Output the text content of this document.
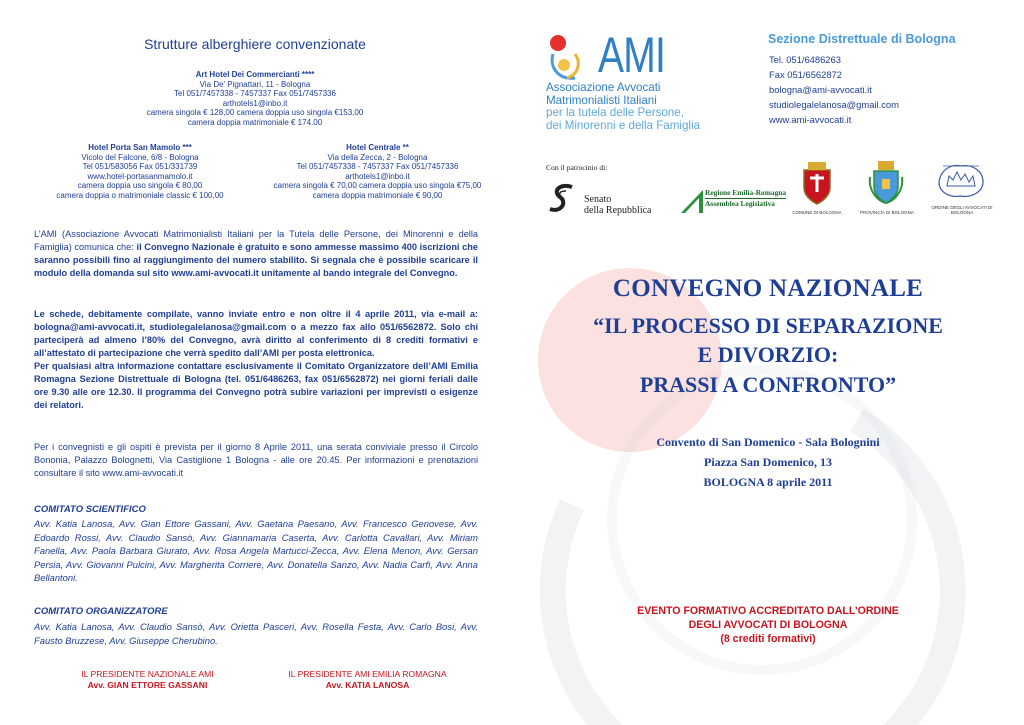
Strutture alberghiere convenzionate
Art Hotel Dei Commercianti ****
Via De' Pignattari, 11 - Bologna
Tel 051/7457338 - 7457337 Fax 051/7457336
arthotels1@inbo.it
camera singola € 128,00 camera doppia uso singola €153,00
camera doppia matrimoniale € 174.00
Hotel Porta San Mamolo ***
Vicolo del Falcone, 6/8 - Bologna
Tel 051/583056 Fax 051/331739
www.hotel-portasanmamolo.it
camera doppia uso singola € 80,00
camera doppia o matrimoniale classic € 100,00
Hotel Centrale **
Via della Zecca, 2 - Bologna
Tel 051/7457338 - 7457337 Fax 051/7457336
arthotels1@inbo.it
camera singola € 70,00 camera doppia uso singola €75,00
camera doppia matrimoniale € 90,00
L’AMI (Associazione Avvocati Matrimonialisti Italiani per la Tutela delle Persone, dei Minorenni e della Famiglia) comunica che: il Convegno Nazionale è gratuito e sono ammesse massimo 400 iscrizioni che saranno possibili fino al raggiungimento del numero stabilito. Si segnala che è possibile scaricare il modulo della domanda sul sito www.ami-avvocati.it unitamente al bando integrale del Convegno.
Le schede, debitamente compilate, vanno inviate entro e non oltre il 4 aprile 2011, via e-mail a: bologna@ami-avvocati.it, studiolegalelanosa@gmail.com o a mezzo fax allo 051/6562872. Solo chi parteciperà ad almeno l’80% del Convegno, avrà diritto al conferimento di 8 crediti formativi e all’attestato di partecipazione che verrà spedito dall’AMI per posta elettronica.
Per qualsiasi altra informazione contattare esclusivamente il Comitato Organizzatore dell’AMI Emilia Romagna Sezione Distrettuale di Bologna (tel. 051/6486263, fax 051/6562872) nei giorni feriali dalle ore 9.30 alle ore 12.30. Il programma del Convegno potrà subire variazioni per imprevisti o esigenze dei relatori.
Per i convegnisti e gli ospiti è prevista per il giorno 8 Aprile 2011, una serata conviviale presso il Circolo Bononia, Palazzo Bolognetti, Via Castiglione 1 Bologna - alle ore 20.45. Per informazioni e prenotazioni consultare il sito www.ami-avvocati.it
COMITATO SCIENTIFICO
Avv. Katia Lanosa, Avv. Gian Ettore Gassani, Avv. Gaetana Paesano, Avv. Francesco Genovese, Avv. Edoardo Rossi, Avv. Claudio Sansò, Avv. Giannamaria Caserta, Avv. Carlotta Cavallari, Avv. Miriam Fanella, Avv. Paola Barbara Giurato, Avv. Rosa Angela Martucci-Zecca, Avv. Elena Menon, Avv. Gersan Persia, Avv. Giovanni Pulcini, Avv. Margherita Corriere, Avv. Donatella Sanzo, Avv. Nadia Carfì, Avv. Anna Bellantoni.
COMITATO ORGANIZZATORE
Avv. Katia Lanosa, Avv. Claudio Sansò, Avv. Orietta Pasceri, Avv. Rosella Festa, Avv. Carlo Bosi, Avv. Fausto Bruzzese, Avv. Giuseppe Cherubino.
IL PRESIDENTE NAZIONALE AMI
Avv. GIAN ETTORE GASSANI
IL PRESIDENTE AMI EMILIA ROMAGNA
Avv. KATIA LANOSA
AMI
Associazione Avvocati
Matrimonialisti Italiani
per la tutela delle Persone,
dei Minorenni e della Famiglia
Sezione Distrettuale di Bologna
Tel. 051/6486263
Fax 051/6562872
bologna@ami-avvocati.it
studiolegalelanosa@gmail.com
www.ami-avvocati.it
Con il patrocinio di:
Senato
della Repubblica
Regione Emilia-Romagna
Assemblea Legislativa
COMUNE DI BOLOGNA	PROVINCIA DI BOLOGNA
ORDINE DEGLI AVVOCATI DI BOLOGNA
CONVEGNO NAZIONALE
“IL PROCESSO DI SEPARAZIONE
E DIVORZIO:
PRASSI A CONFRONTO”
Convento di San Domenico - Sala Bolognini
Piazza San Domenico, 13
BOLOGNA 8 aprile 2011
EVENTO FORMATIVO ACCREDITATO DALL’ORDINE
DEGLI AVVOCATI DI BOLOGNA
(8 crediti formativi)
